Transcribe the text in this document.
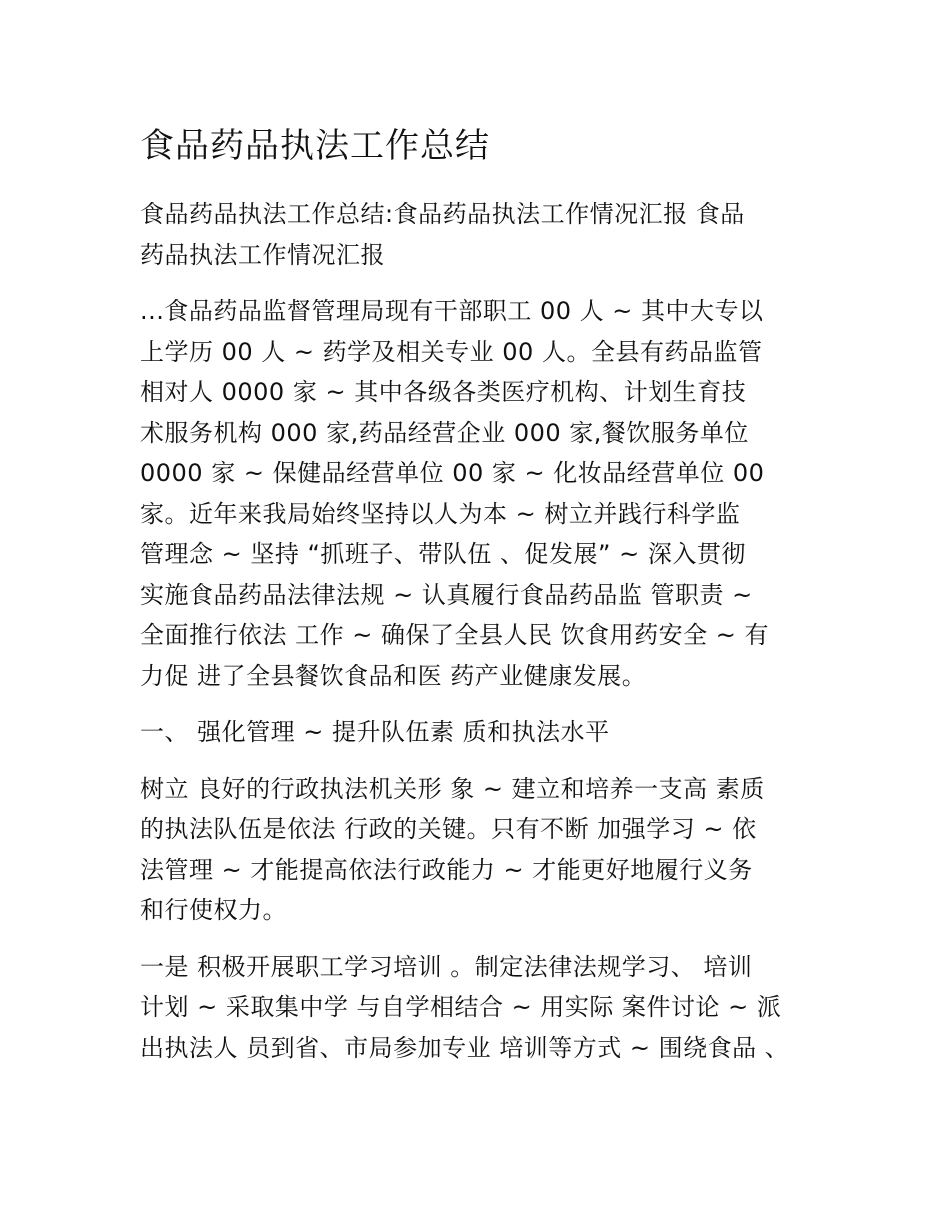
食品药品执法工作总结
食品药品执法工作总结:食品药品执法工作情况汇报 食品
药品执法工作情况汇报
...食品药品监督管理局现有干部职工 00 人 ~ 其中大专以
上学历 00 人 ~ 药学及相关专业 00 人。全县有药品监管
相对人 0000 家 ~ 其中各级各类医疗机构、计划生育技
术服务机构 000 家,药品经营企业 000 家,餐饮服务单位
0000 家 ~ 保健品经营单位 00 家 ~ 化妆品经营单位 00
家。近年来我局始终坚持以人为本 ~ 树立并践行科学监
管理念 ~ 坚持 “抓班子、带队伍 、促发展” ~ 深入贯彻
实施食品药品法律法规 ~ 认真履行食品药品监 管职责 ~
全面推行依法 工作 ~ 确保了全县人民 饮食用药安全 ~ 有
力促 进了全县餐饮食品和医 药产业健康发展。
一、 强化管理 ~ 提升队伍素 质和执法水平
树立 良好的行政执法机关形 象 ~ 建立和培养一支高 素质
的执法队伍是依法 行政的关键。只有不断 加强学习 ~ 依
法管理 ~ 才能提高依法行政能力 ~ 才能更好地履行义务
和行使权力。
一是 积极开展职工学习培训 。制定法律法规学习、 培训
计划 ~ 采取集中学 与自学相结合 ~ 用实际 案件讨论 ~ 派
出执法人 员到省、市局参加专业 培训等方式 ~ 围绕食品 、
